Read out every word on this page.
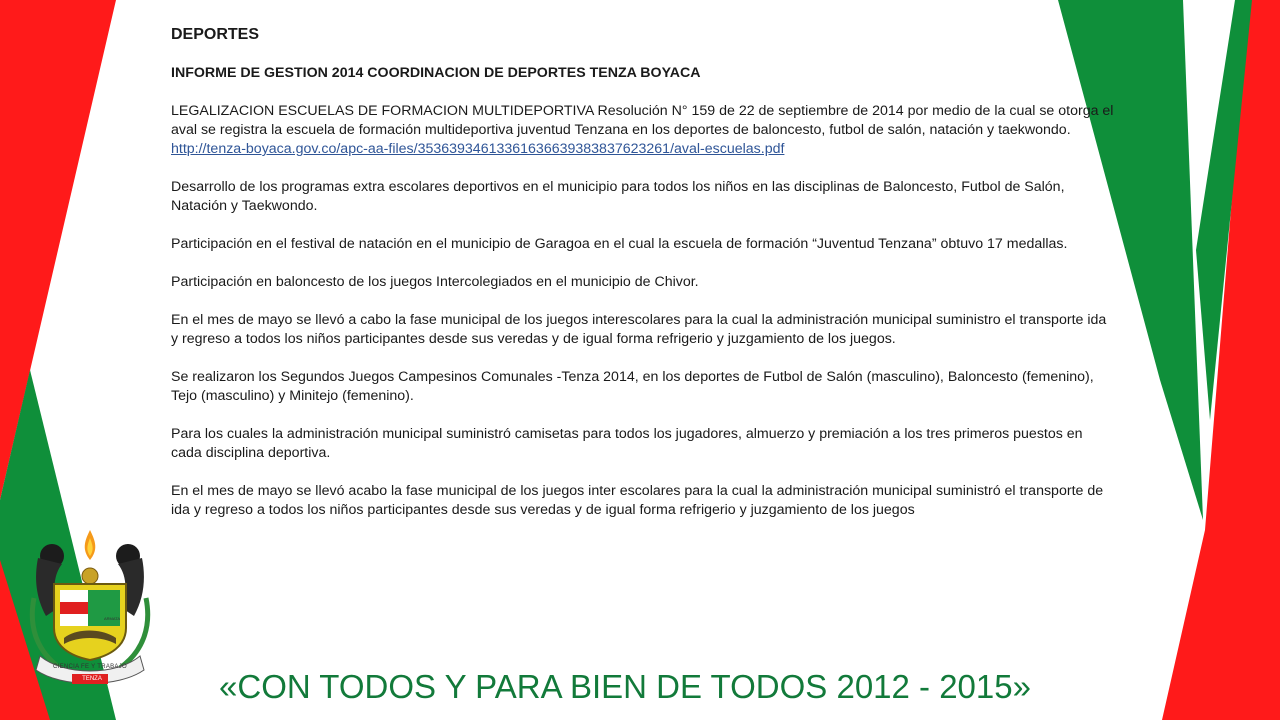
DEPORTES
INFORME DE GESTION 2014 COORDINACION DE DEPORTES TENZA BOYACA
LEGALIZACION ESCUELAS DE FORMACION MULTIDEPORTIVA Resolución N° 159 de 22 de septiembre de 2014 por medio de la cual se otorga el aval se registra la escuela de formación multideportiva juventud Tenzana en los deportes de baloncesto, futbol de salón, natación y taekwondo.
http://tenza-boyaca.gov.co/apc-aa-files/35363934613361636639383837623261/aval-escuelas.pdf
Desarrollo de los programas extra escolares deportivos en el municipio para todos los niños en las disciplinas de Baloncesto, Futbol de Salón, Natación y Taekwondo.
Participación en el festival de natación en el municipio de Garagoa en el cual la escuela de formación “Juventud Tenzana” obtuvo 17 medallas.
Participación en baloncesto de los juegos Intercolegiados en el municipio de Chivor.
En el mes de mayo se llevó a cabo la fase municipal de los juegos interescolares para la cual la administración municipal suministro el transporte ida y regreso a todos los niños participantes desde sus veredas y de igual forma refrigerio y juzgamiento de los juegos.
Se realizaron los Segundos Juegos Campesinos Comunales -Tenza 2014, en los deportes de Futbol de Salón (masculino), Baloncesto (femenino), Tejo (masculino) y Minitejo (femenino).
Para los cuales la administración municipal suministró camisetas para todos los jugadores, almuerzo y premiación a los tres primeros puestos en cada disciplina deportiva.
En el mes de mayo se llevó acabo la fase municipal de los juegos inter escolares para la cual la administración municipal suministró el transporte de ida y regreso a todos los niños participantes desde sus veredas y de igual forma refrigerio y juzgamiento de los juegos
CIENCIA FE Y TRABAJO
TENZA
ARMATA
«CON TODOS Y PARA BIEN DE TODOS 2012 - 2015»
